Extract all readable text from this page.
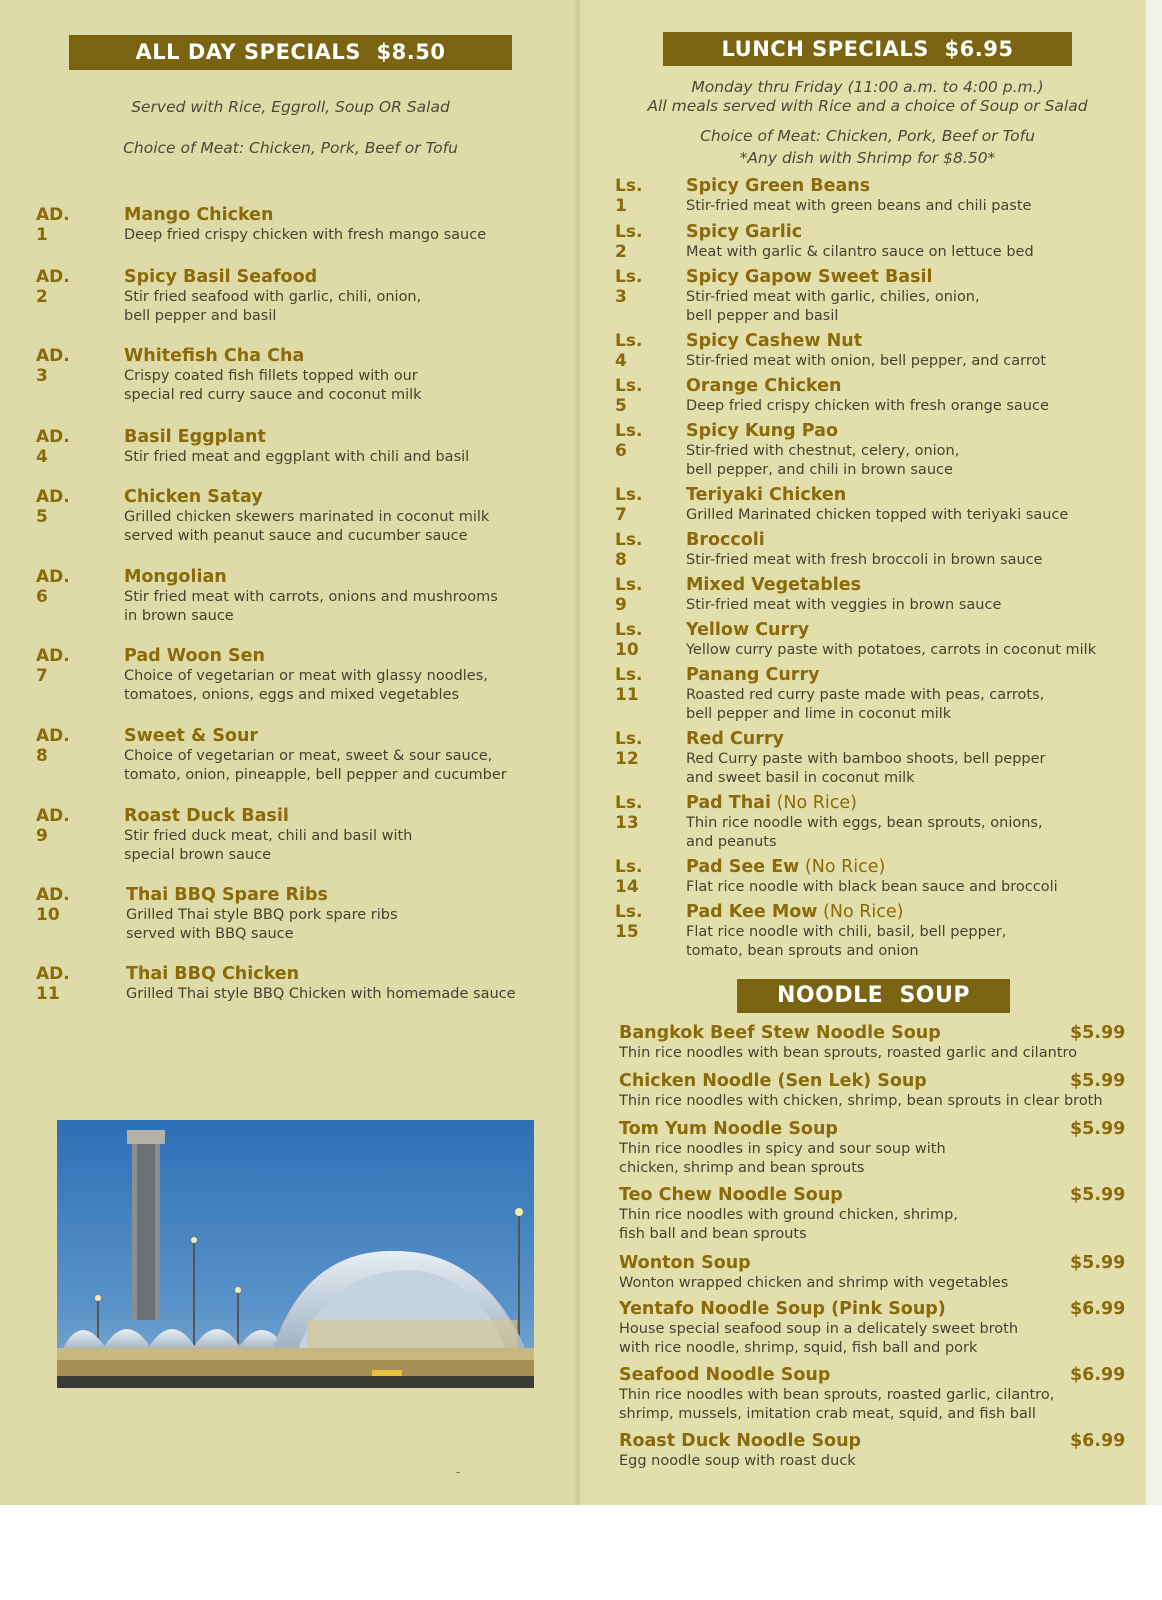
ALL DAY SPECIALS  $8.50
Served with Rice, Eggroll, Soup OR Salad
Choice of Meat: Chicken, Pork, Beef or Tofu
AD. 1
Mango Chicken
Deep fried crispy chicken with fresh mango sauce
AD. 2
Spicy Basil Seafood
Stir fried seafood with garlic, chili, onion,
bell pepper and basil
AD. 3
Whitefish Cha Cha
Crispy coated fish fillets topped with our
special red curry sauce and coconut milk
AD. 4
Basil Eggplant
Stir fried meat and eggplant with chili and basil
AD. 5
Chicken Satay
Grilled chicken skewers marinated in coconut milk
served with peanut sauce and cucumber sauce
AD. 6
Mongolian
Stir fried meat with carrots, onions and mushrooms
in brown sauce
AD. 7
Pad Woon Sen
Choice of vegetarian or meat with glassy noodles,
tomatoes, onions, eggs and mixed vegetables
AD. 8
Sweet & Sour
Choice of vegetarian or meat, sweet & sour sauce,
tomato, onion, pineapple, bell pepper and cucumber
AD. 9
Roast Duck Basil
Stir fried duck meat, chili and basil with
special brown sauce
AD. 10
Thai BBQ Spare Ribs
Grilled Thai style BBQ pork spare ribs
served with BBQ sauce
AD. 11
Thai BBQ Chicken
Grilled Thai style BBQ Chicken with homemade sauce
LUNCH SPECIALS  $6.95
Monday thru Friday (11:00 a.m. to 4:00 p.m.)
All meals served with Rice and a choice of Soup or Salad
Choice of Meat: Chicken, Pork, Beef or Tofu
*Any dish with Shrimp for $8.50*
Ls. 1
Spicy Green Beans
Stir-fried meat with green beans and chili paste
Ls. 2
Spicy Garlic
Meat with garlic & cilantro sauce on lettuce bed
Ls. 3
Spicy Gapow Sweet Basil
Stir-fried meat with garlic, chilies, onion,
bell pepper and basil
Ls. 4
Spicy Cashew Nut
Stir-fried meat with onion, bell pepper, and carrot
Ls. 5
Orange Chicken
Deep fried crispy chicken with fresh orange sauce
Ls. 6
Spicy Kung Pao
Stir-fried with chestnut, celery, onion,
bell pepper, and chili in brown sauce
Ls. 7
Teriyaki Chicken
Grilled Marinated chicken topped with teriyaki sauce
Ls. 8
Broccoli
Stir-fried meat with fresh broccoli in brown sauce
Ls. 9
Mixed Vegetables
Stir-fried meat with veggies in brown sauce
Ls. 10
Yellow Curry
Yellow curry paste with potatoes, carrots in coconut milk
Ls. 11
Panang Curry
Roasted red curry paste made with peas, carrots,
bell pepper and lime in coconut milk
Ls. 12
Red Curry
Red Curry paste with bamboo shoots, bell pepper
and sweet basil in coconut milk
Ls. 13
Pad Thai (No Rice)
Thin rice noodle with eggs, bean sprouts, onions,
and peanuts
Ls. 14
Pad See Ew (No Rice)
Flat rice noodle with black bean sauce and broccoli
Ls. 15
Pad Kee Mow (No Rice)
Flat rice noodle with chili, basil, bell pepper,
tomato, bean sprouts and onion
NOODLE  SOUP
Bangkok Beef Stew Noodle Soup
Thin rice noodles with bean sprouts, roasted garlic and cilantro
$5.99
Chicken Noodle (Sen Lek) Soup
Thin rice noodles with chicken, shrimp, bean sprouts in clear broth
$5.99
Tom Yum Noodle Soup
Thin rice noodles in spicy and sour soup with
chicken, shrimp and bean sprouts
$5.99
Teo Chew Noodle Soup
Thin rice noodles with ground chicken, shrimp,
fish ball and bean sprouts
$5.99
Wonton Soup
Wonton wrapped chicken and shrimp with vegetables
$5.99
Yentafo Noodle Soup (Pink Soup)
House special seafood soup in a delicately sweet broth
with rice noodle, shrimp, squid, fish ball and pork
$6.99
Seafood Noodle Soup
Thin rice noodles with bean sprouts, roasted garlic, cilantro,
shrimp, mussels, imitation crab meat, squid, and fish ball
$6.99
Roast Duck Noodle Soup
Egg noodle soup with roast duck
$6.99
-
